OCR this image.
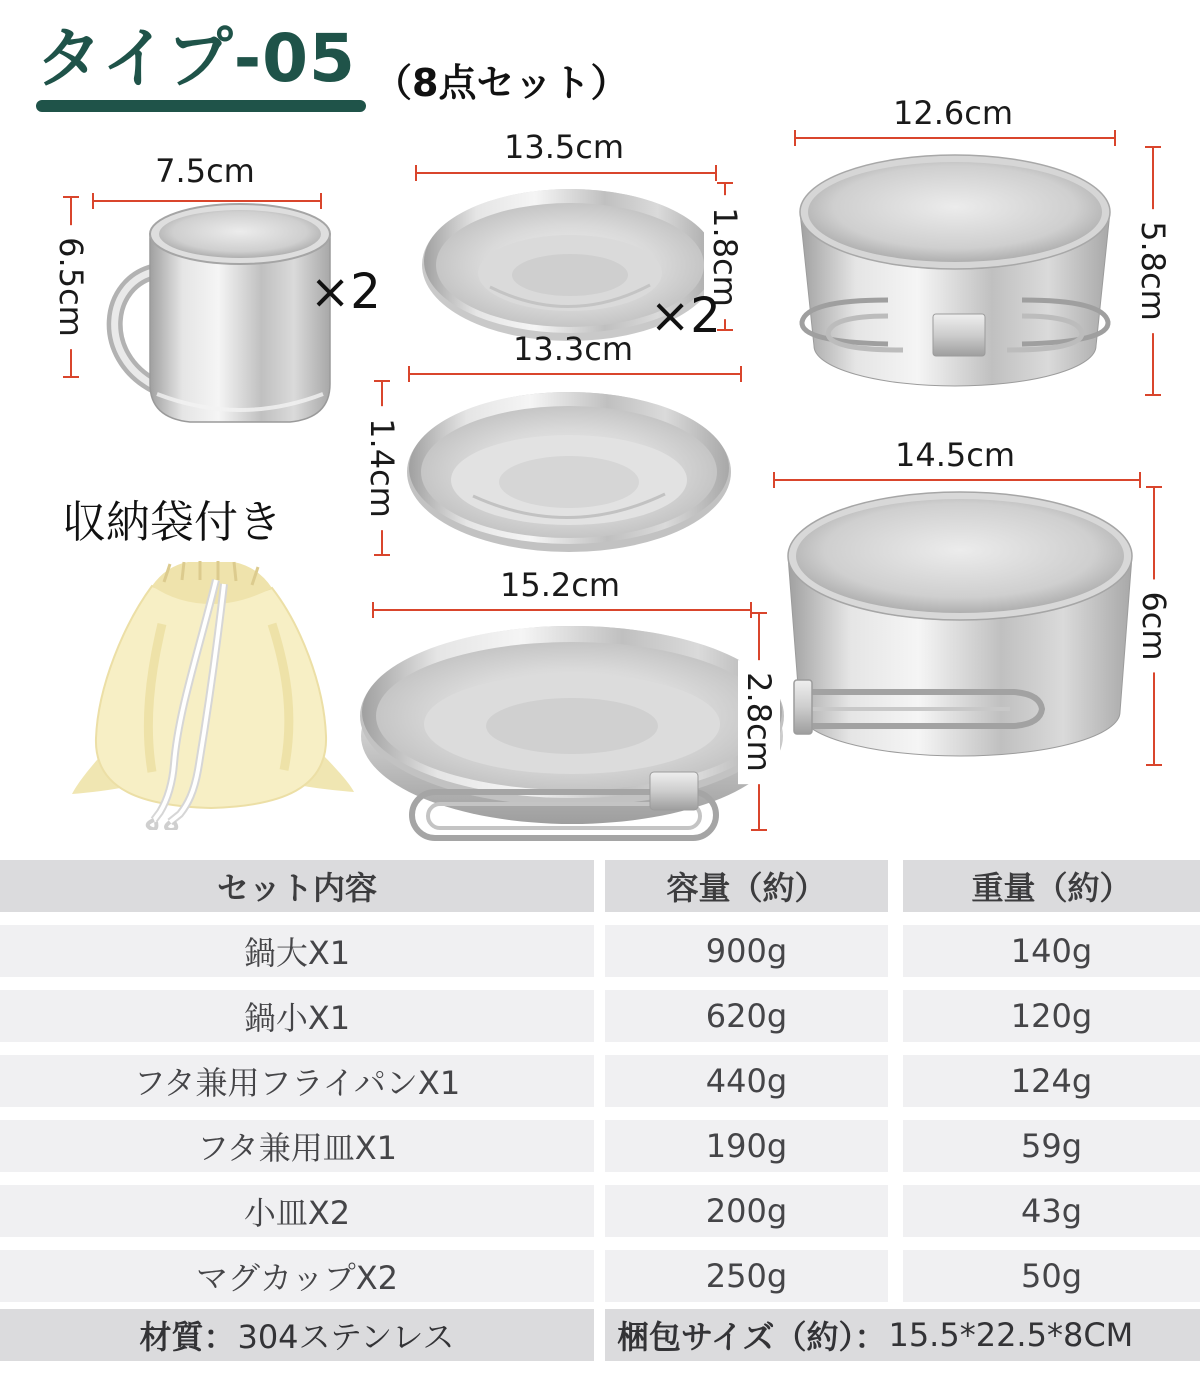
タイプ-05 （8点セット）
7.5cm
6.5cm	×2
13.5cm
1.8cm
×2
12.6cm
5.8cm
13.3cm
1.4cm	14.5cm
6cm
15.2cm
2.8cm
収納袋付き
セット内容	容量（約）	重量（約）
鍋大X1	900g	140g
鍋小X1	620g	120g
フタ兼用フライパンX1	440g	124g
フタ兼用皿X1	190g	59g
小皿X2	200g	43g
マグカップX2	250g	50g
材質： 304ステンレス	梱包サイズ（約）： 15.5*22.5*8CM
